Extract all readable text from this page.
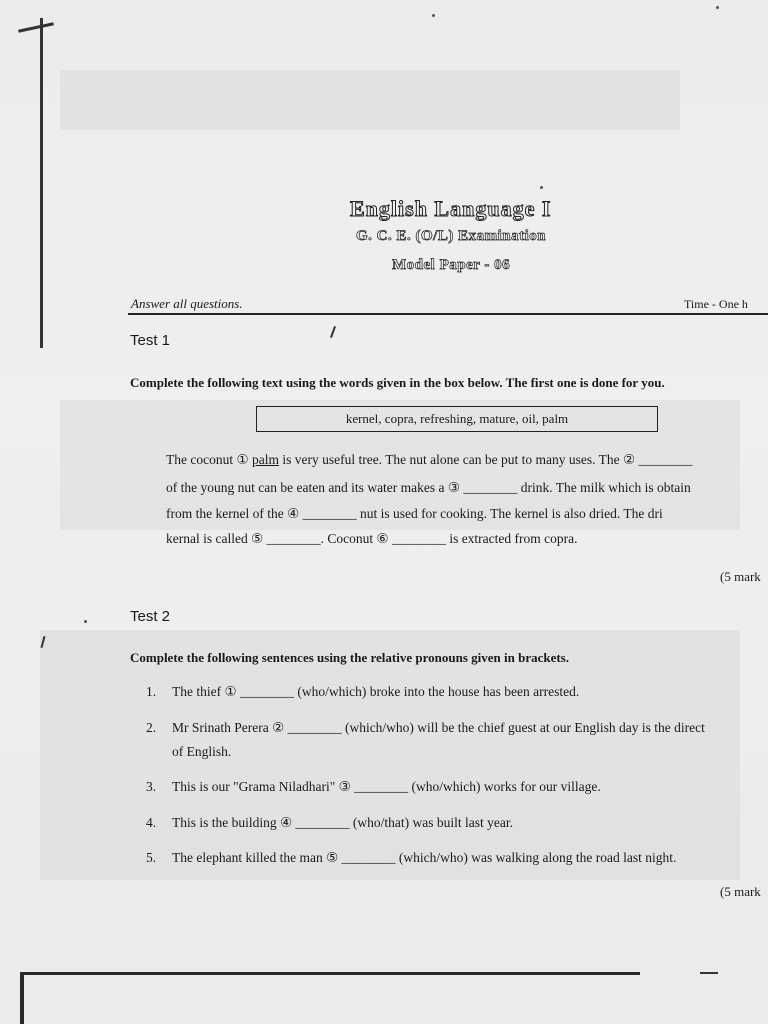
English Language I
G. C. E. (O/L) Examination
Model Paper - 06
Answer all questions.	Time - One h
Test 1
Complete the following text using the words given in the box below. The first one is done for you.
kernel, copra, refreshing, mature, oil, palm
The coconut ① palm is very useful tree. The nut alone can be put to many uses. The ② ________
of the young nut can be eaten and its water makes a ③ ________ drink. The milk which is obtain
from the kernel of the ④ ________ nut is used for cooking. The kernel is also dried. The dri
kernal is called ⑤ ________. Coconut ⑥ ________ is extracted from copra.
(5 mark
Test 2
Complete the following sentences using the relative pronouns given in brackets.
1. The thief ① ________ (who/which) broke into the house has been arrested.
2. Mr Srinath Perera ② ________ (which/who) will be the chief guest at our English day is the direct
of English.
3. This is our "Grama Niladhari" ③ ________ (who/which) works for our village.
4. This is the building ④ ________ (who/that) was built last year.
5. The elephant killed the man ⑤ ________ (which/who) was walking along the road last night.
(5 mark
